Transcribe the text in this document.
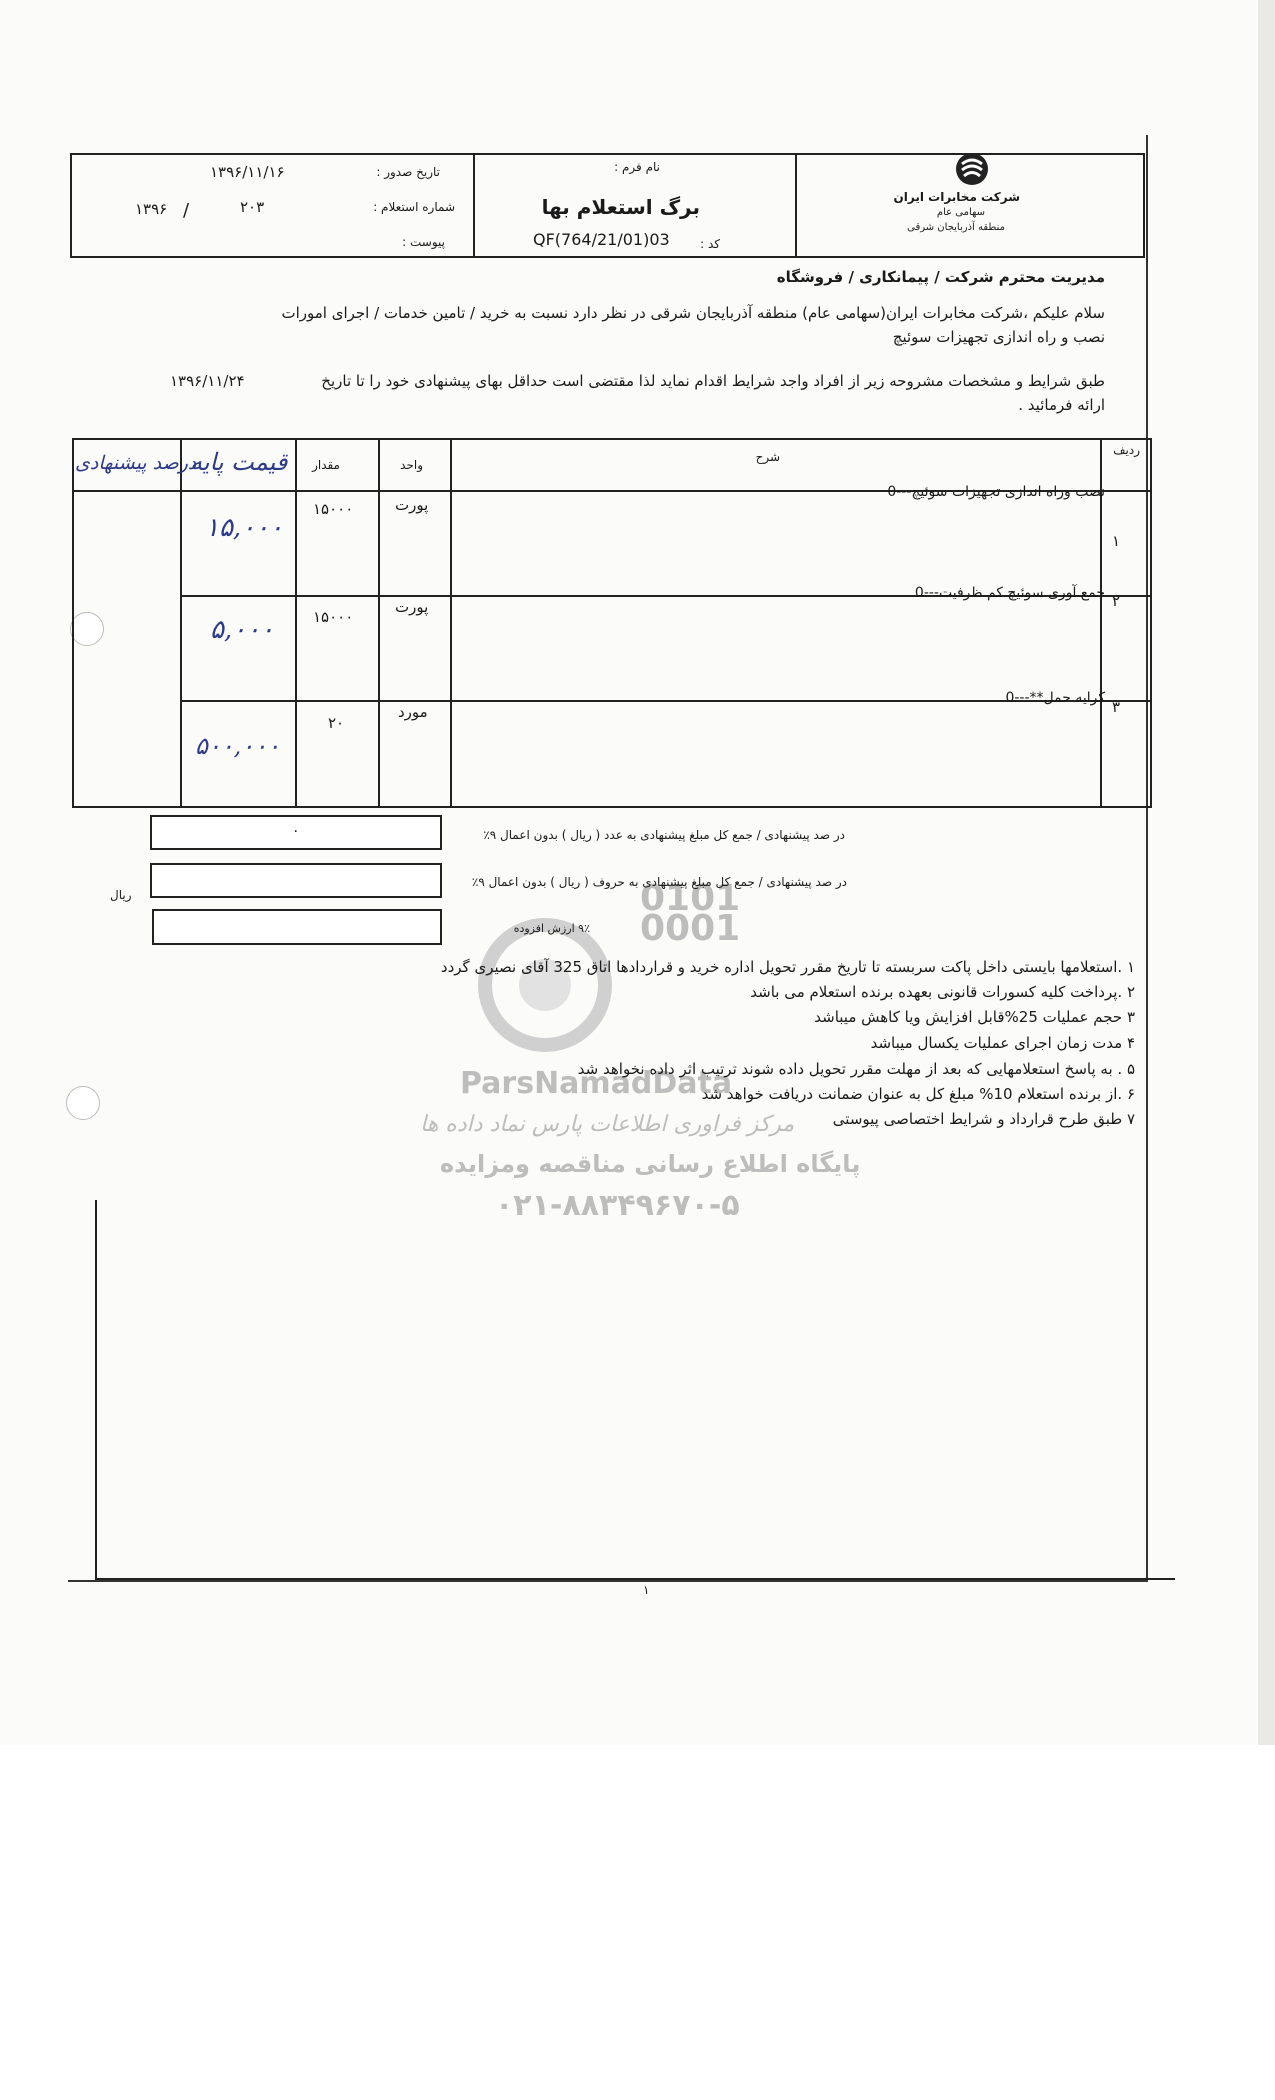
0101
0001
ParsNamadData
مرکز فراوری اطلاعات پارس نماد داده ها
پایگاه اطلاع رسانی مناقصه ومزایده
۰۲۱-۸۸۳۴۹۶۷۰-۵
شرکت مخابرات ایران
سهامی عام
منطقه آذربایجان شرقی
نام فرم :
برگ استعلام بها
کد :
QF(764/21/01)03
تاریخ صدور :
۱۳۹۶/۱۱/۱۶
شماره استعلام :
۲۰۳
/
۱۳۹۶
پیوست :
مدیریت محترم شرکت / پیمانکاری / فروشگاه
سلام علیکم ،شرکت مخابرات ایران(سهامی عام) منطقه آذربایجان شرقی در نظر دارد نسبت به خرید / تامین خدمات / اجرای امورات
نصب و راه اندازی تجهیزات سوئیچ
طبق شرایط و مشخصات مشروحه زیر از افراد واجد شرایط اقدام نماید لذا مقتضی است حداقل بهای پیشنهادی خود را تا تاریخ
۱۳۹۶/۱۱/۲۴
ارائه فرمائید .
ردیف
شرح
واحد
مقدار
قیمت پایه
درصد پیشنهادی
۱
نصب وراه اندازی تجهیزات سوئیچ---0
پورت
۱۵۰۰۰
۱۵,۰۰۰
۲
جمع آوری سوئیچ کم ظرفیت---0
پورت
۱۵۰۰۰
۵,۰۰۰
۳
کرایه حمل**---0
مورد
۲۰
۵۰۰,۰۰۰
در صد پیشنهادی / جمع کل مبلغ پیشنهادی به عدد ( ریال ) بدون اعمال ۹٪
۰
در صد پیشنهادی / جمع کل مبلغ پیشنهادی به حروف ( ریال ) بدون اعمال ۹٪
ریال
۹٪ ارزش افزوده
۱ .استعلامها بایستی داخل پاکت سربسته تا تاریخ مقرر تحویل اداره خرید و قراردادها اتاق 325 آقای نصیری گردد
۲ .پرداخت کلیه کسورات قانونی بعهده برنده استعلام می باشد
۳ حجم عملیات 25%قابل افزایش ویا کاهش میباشد
۴ مدت زمان اجرای عملیات یکسال میباشد
۵ . به پاسخ استعلامهایی که بعد از مهلت مقرر تحویل داده شوند ترتیب اثر داده نخواهد شد
۶ .از برنده استعلام 10% مبلغ کل به عنوان ضمانت دریافت خواهد شد
۷ طبق طرح قرارداد و شرایط اختصاصی پیوستی
۱
